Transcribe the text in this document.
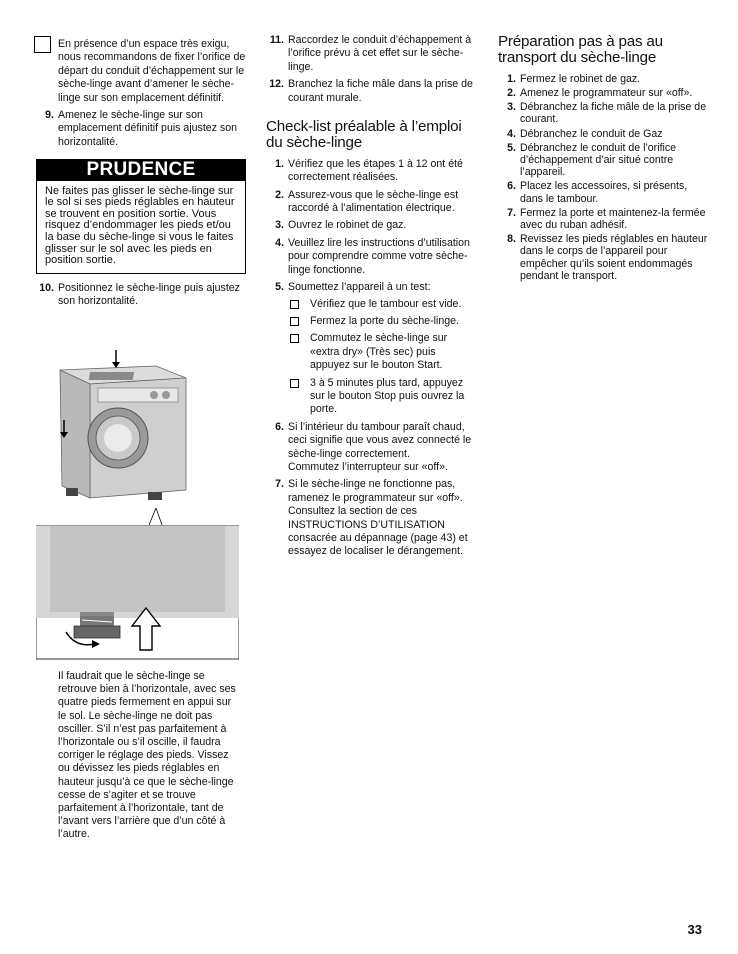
En présence d’un espace très exigu, nous recommandons de fixer l’orifice de départ du conduit d’échappement sur le sèche-linge avant d’amener le sèche-linge sur son emplacement définitif.
9. Amenez le sèche-linge sur son emplacement définitif puis ajustez son horizontalité.
PRUDENCE
Ne faites pas glisser le sèche-linge sur le sol si ses pieds réglables en hauteur se trouvent en position sortie. Vous risquez d’endommager les pieds et/ou la base du sèche-linge si vous le faites glisser sur le sol avec les pieds en position sortie.
10. Positionnez le sèche-linge puis ajustez son horizontalité.
Il faudrait que le sèche-linge se retrouve bien à l’horizontale, avec ses quatre pieds fermement en appui sur le sol. Le sèche-linge ne doit pas osciller. S’il n’est pas parfaitement à l’horizontale ou s’il oscille, il faudra corriger le réglage des pieds. Vissez ou dévissez les pieds réglables en hauteur jusqu’à ce que le sèche-linge cesse de s’agiter et se trouve parfaitement à l’horizontale, tant de l’avant vers l’arrière que d’un côté à l’autre.
11. Raccordez le conduit d’échappement à l’orifice prévu à cet effet sur le sèche-linge.
12. Branchez la fiche mâle dans la prise de courant murale.
Check-list préalable à l’emploi du sèche-linge
1. Vérifiez que les étapes 1 à 12 ont été correctement réalisées.
2. Assurez-vous que le sèche-linge est raccordé à l’alimentation électrique.
3. Ouvrez le robinet de gaz.
4. Veuillez lire les instructions d’utilisation pour comprendre comme votre sèche-linge fonctionne.
5. Soumettez l’appareil à un test:
Vérifiez que le tambour est vide.
Fermez la porte du sèche-linge.
Commutez le sèche-linge sur «extra dry» (Très sec) puis appuyez sur le bouton Start.
3 à 5 minutes plus tard, appuyez sur le bouton Stop puis ouvrez la porte.
6. Si l’intérieur du tambour paraît chaud, ceci signifie que vous avez connecté le sèche-linge correctement.
Commutez l’interrupteur sur «off».
7. Si le sèche-linge ne fonctionne pas, ramenez le programmateur sur «off». Consultez la section de ces INSTRUCTIONS D’UTILISATION consacrée au dépannage (page 43) et essayez de localiser le dérangement.
Préparation pas à pas au transport du sèche-linge
1. Fermez le robinet de gaz.
2. Amenez le programmateur sur «off».
3. Débranchez la fiche mâle de la prise de courant.
4. Débranchez le conduit de Gaz
5. Débranchez le conduit de l’orifice d’échappement d’air situé contre l’appareil.
6. Placez les accessoires, si présents, dans le tambour.
7. Fermez la porte et maintenez-la fermée avec du ruban adhésif.
8. Revissez les pieds réglables en hauteur dans le corps de l’appareil pour empêcher qu’ils soient endommagés pendant le transport.
33
